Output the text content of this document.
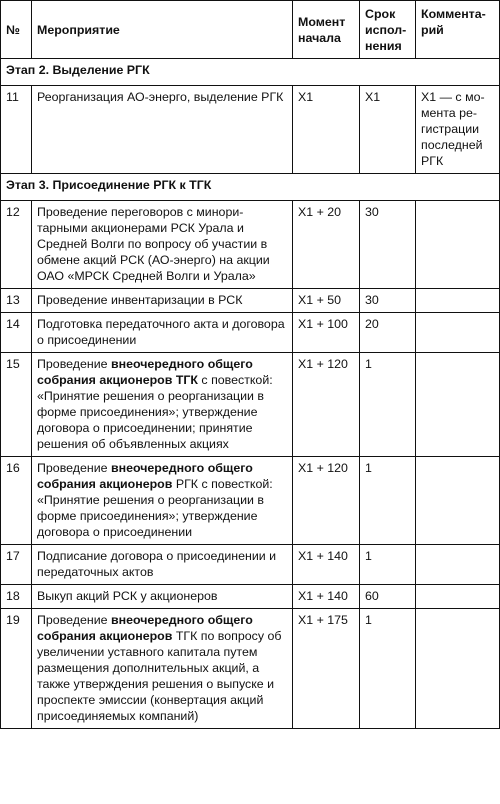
№	Мероприятие	Момент начала	Срок исполнения	Комментарий
Этап 2. Выделение РГК				
11	Реорганизация АО-энерго, выделение РГК	X1	X1	X1 — с момента регистрации последней РГК
Этап 3. Присоединение РГК к ТГК				
12	Проведение переговоров с миноритарными акционерами РСК Урала и Средней Волги по вопросу об участии в обмене акций РСК (АО-энерго) на акции ОАО «МРСК Средней Волги и Урала»	X1 + 20	30	
13	Проведение инвентаризации в РСК	X1 + 50	30	
14	Подготовка передаточного акта и договора о присоединении	X1 + 100	20	
15	Проведение внеочередного общего собрания акционеров ТГК с повесткой: «Принятие решения о реорганизации в форме присоединения»; утверждение договора о присоединении; принятие решения об объявленных акциях	X1 + 120	1	
16	Проведение внеочередного общего собрания акционеров РГК с повесткой: «Принятие решения о реорганизации в форме присоединения»; утверждение договора о присоединении	X1 + 120	1	
17	Подписание договора о присоединении и передаточных актов	X1 + 140	1	
18	Выкуп акций РСК у акционеров	X1 + 140	60	
19	Проведение внеочередного общего собрания акционеров ТГК по вопросу об увеличении уставного капитала путем размещения дополнительных акций, а также утверждения решения о выпуске и проспекте эмиссии (конвертация акций присоединяемых компаний)	X1 + 175	1	
